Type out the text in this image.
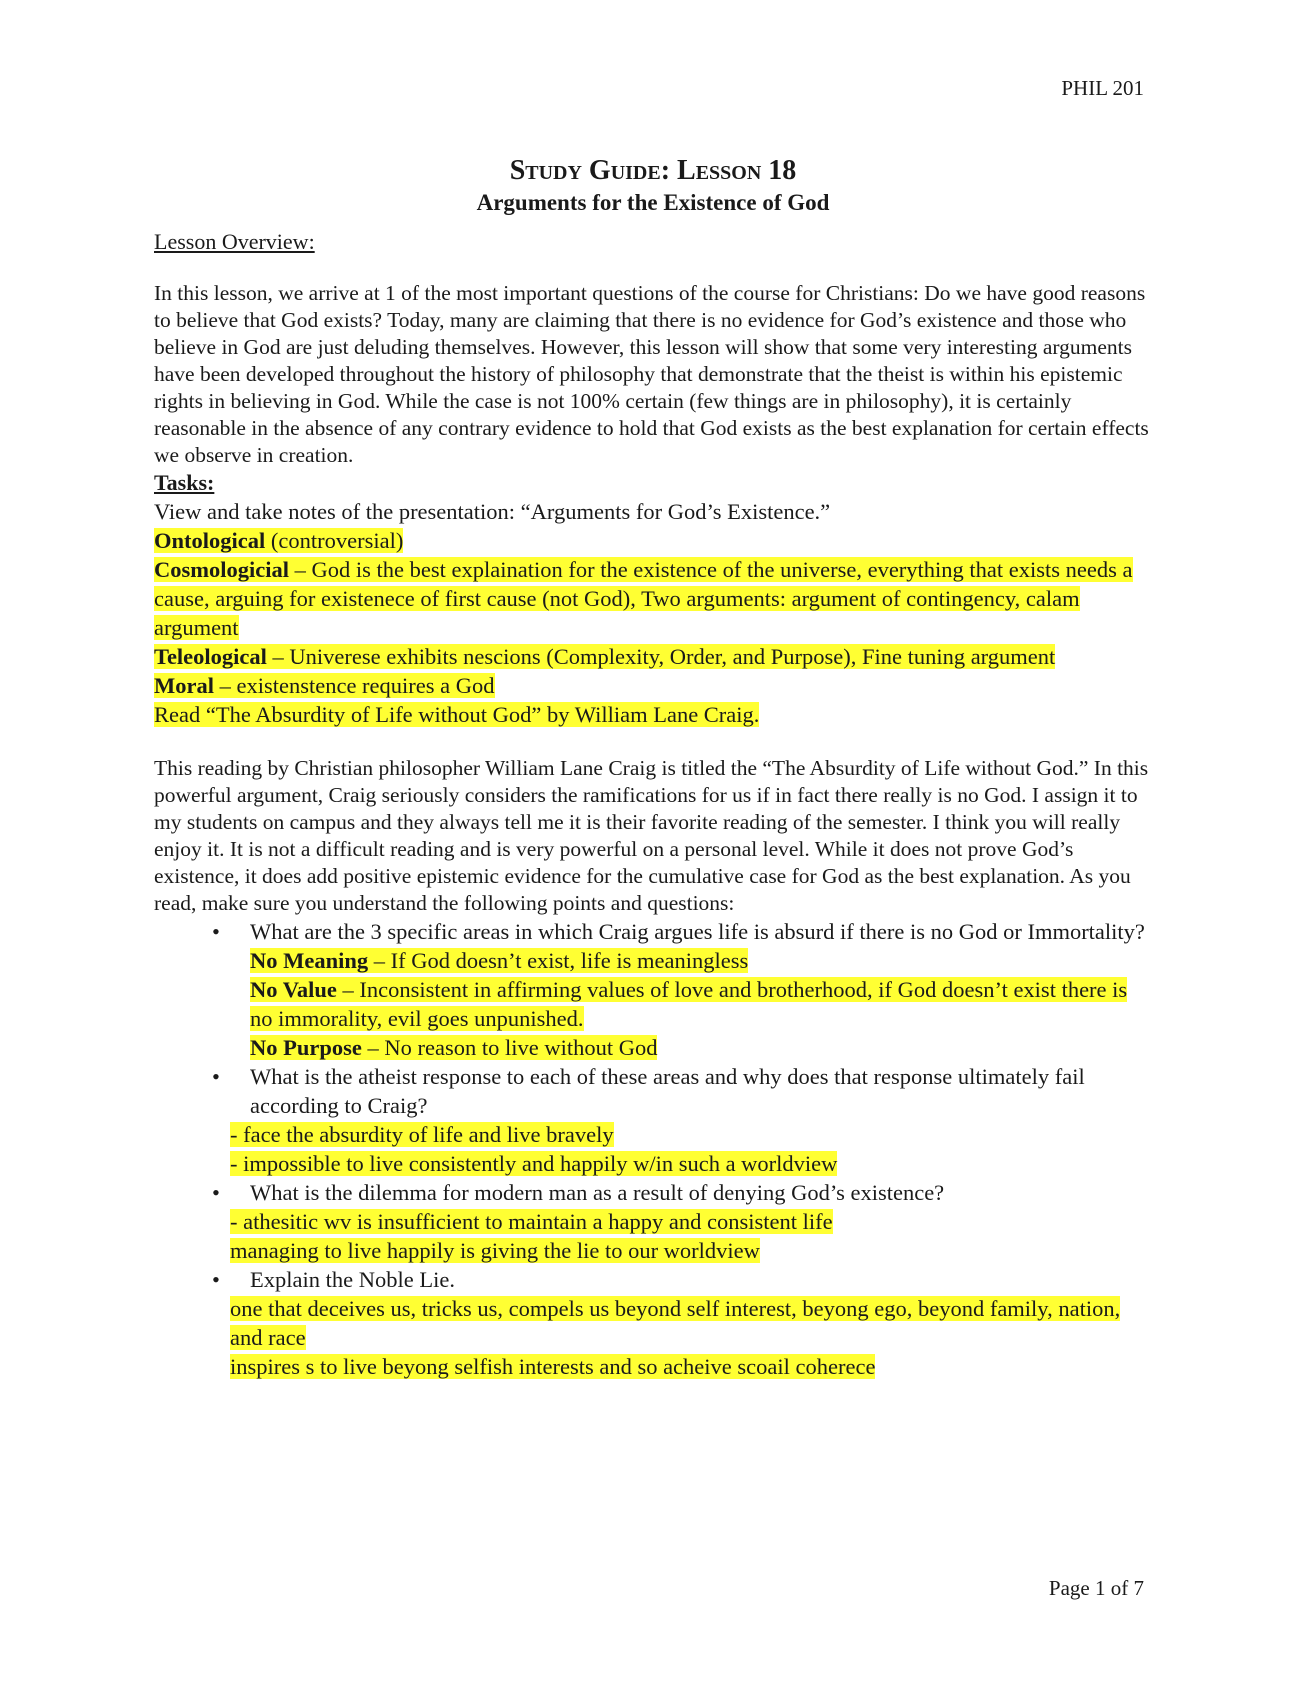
PHIL 201
Study Guide: Lesson 18
Arguments for the Existence of God
Lesson Overview:
In this lesson, we arrive at 1 of the most important questions of the course for Christians: Do we have good reasons to believe that God exists? Today, many are claiming that there is no evidence for God’s existence and those who believe in God are just deluding themselves. However, this lesson will show that some very interesting arguments have been developed throughout the history of philosophy that demonstrate that the theist is within his epistemic rights in believing in God. While the case is not 100% certain (few things are in philosophy), it is certainly reasonable in the absence of any contrary evidence to hold that God exists as the best explanation for certain effects we observe in creation.
Tasks:
View and take notes of the presentation: “Arguments for God’s Existence.”
Ontological (controversial)
Cosmologicial – God is the best explaination for the existence of the universe, everything that exists needs a cause, arguing for existenece of first cause (not God), Two arguments: argument of contingency, calam argument
Teleological – Univerese exhibits nescions (Complexity, Order, and Purpose), Fine tuning argument
Moral – existenstence requires a God
Read “The Absurdity of Life without God” by William Lane Craig.
This reading by Christian philosopher William Lane Craig is titled the “The Absurdity of Life without God.” In this powerful argument, Craig seriously considers the ramifications for us if in fact there really is no God. I assign it to my students on campus and they always tell me it is their favorite reading of the semester. I think you will really enjoy it. It is not a difficult reading and is very powerful on a personal level. While it does not prove God’s existence, it does add positive epistemic evidence for the cumulative case for God as the best explanation. As you read, make sure you understand the following points and questions:
• What are the 3 specific areas in which Craig argues life is absurd if there is no God or Immortality?
No Meaning – If God doesn’t exist, life is meaningless
No Value – Inconsistent in affirming values of love and brotherhood, if God doesn’t exist there is no immorality, evil goes unpunished.
No Purpose – No reason to live without God
• What is the atheist response to each of these areas and why does that response ultimately fail according to Craig?
- face the absurdity of life and live bravely
- impossible to live consistently and happily w/in such a worldview
• What is the dilemma for modern man as a result of denying God’s existence?
- athesitic wv is insufficient to maintain a happy and consistent life
managing to live happily is giving the lie to our worldview
• Explain the Noble Lie.
one that deceives us, tricks us, compels us beyond self interest, beyong ego, beyond family, nation, and race
inspires s to live beyong selfish interests and so acheive scoail coherece
Page 1 of 7
